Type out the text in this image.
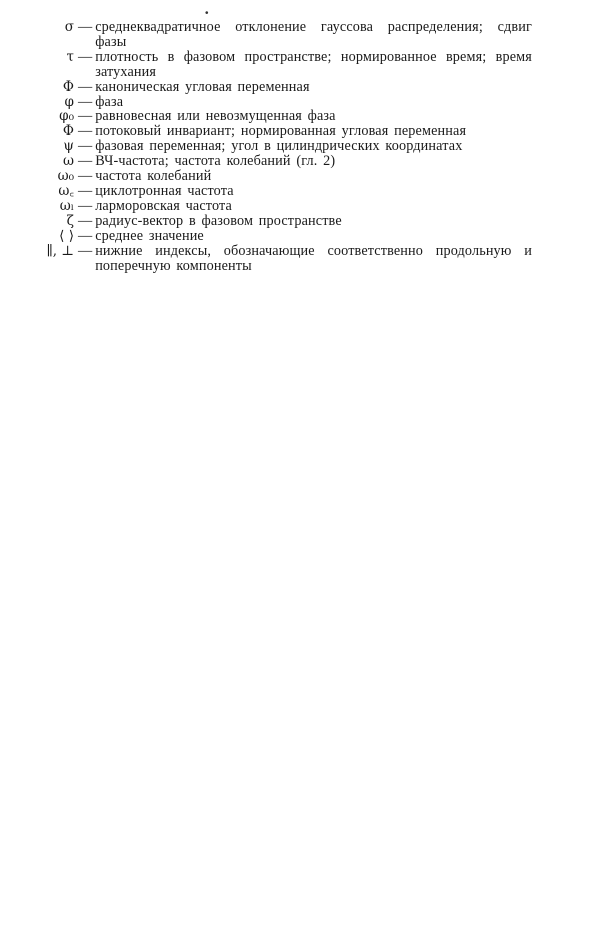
•
σ — среднеквадратичное отклонение гауссова распределения; сдвиг фазы
τ — плотность в фазовом пространстве; нормированное время; время затухания
Φ — каноническая угловая переменная
φ — фаза
φ₀ — равновесная или невозмущенная фаза
Φ — потоковый инвариант; нормированная угловая переменная
ψ — фазовая переменная; угол в цилиндрических координатах
ω — ВЧ-частота; частота колебаний (гл. 2)
ω₀ — частота колебаний
ω꜀ — циклотронная частота
ωₗ — ларморовская частота
ζ — радиус-вектор в фазовом пространстве
⟨ ⟩ — среднее значение
∥, ⊥ — нижние индексы, обозначающие соответственно продольную и поперечную компоненты
